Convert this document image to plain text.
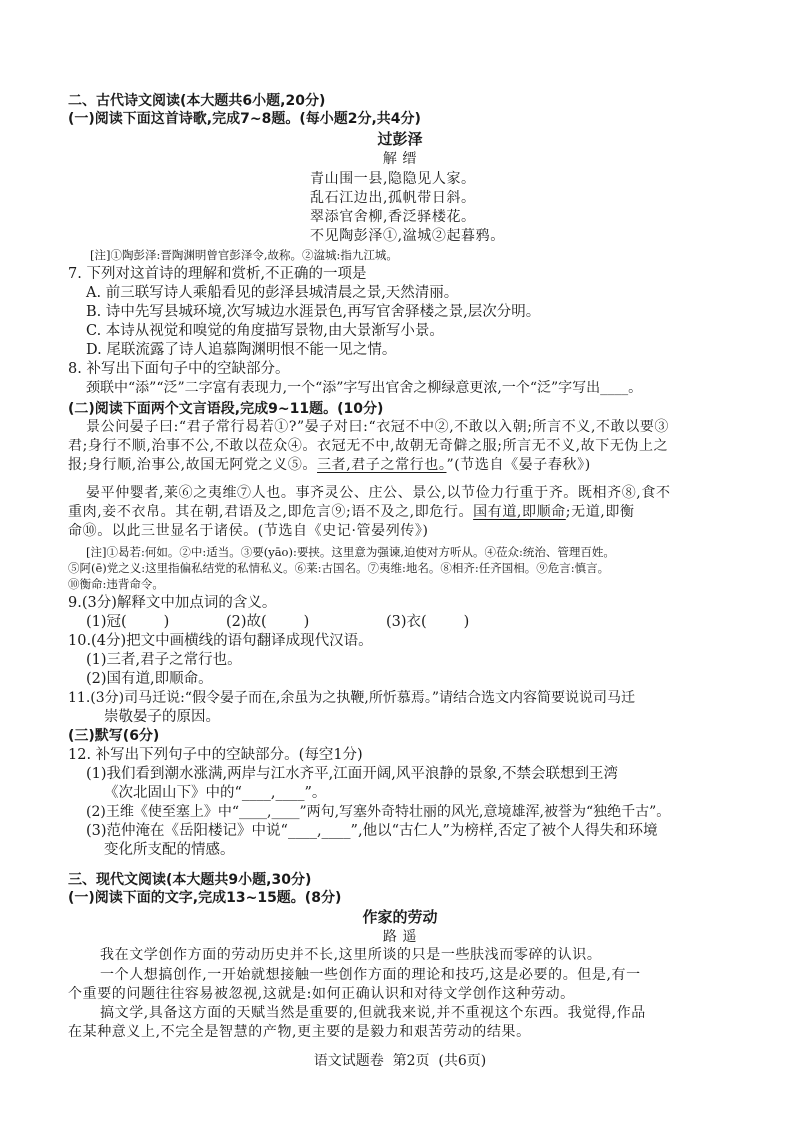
二、古代诗文阅读(本大题共6小题,20分)
(一)阅读下面这首诗歌,完成7~8题。(每小题2分,共4分)
过彭泽
解 缙
青山围一县,隐隐见人家。
乱石江边出,孤帆带日斜。
翠添官舍柳,香泛驿楼花。
不见陶彭泽①,湓城②起暮鸦。
[注]①陶彭泽:晋陶渊明曾官彭泽令,故称。②湓城:指九江城。
7. 下列对这首诗的理解和赏析,不正确的一项是
A. 前三联写诗人乘船看见的彭泽县城清晨之景,天然清丽。
B. 诗中先写县城环境,次写城边水涯景色,再写官舍驿楼之景,层次分明。
C. 本诗从视觉和嗅觉的角度描写景物,由大景渐写小景。
D. 尾联流露了诗人追慕陶渊明恨不能一见之情。
8. 补写出下面句子中的空缺部分。
颈联中“添”“泛”二字富有表现力,一个“添”字写出官舍之柳绿意更浓,一个“泛”字写出____。
(二)阅读下面两个文言语段,完成9~11题。(10分)
景公问晏子曰:“君子常行曷若①?”晏子对曰:“衣冠不中②,不敢以入朝;所言不义,不敢以要③
君;身行不顺,治事不公,不敢以莅众④。衣冠无不中,故朝无奇僻之服;所言无不义,故下无伪上之
报;身行顺,治事公,故国无阿党之义⑤。三者,君子之常行也。”(节选自《晏子春秋》)
晏平仲婴者,莱⑥之夷维⑦人也。事齐灵公、庄公、景公,以节俭力行重于齐。既相齐⑧,食不
重肉,妾不衣帛。其在朝,君语及之,即危言⑨;语不及之,即危行。国有道,即顺命;无道,即衡
命⑩。以此三世显名于诸侯。(节选自《史记·管晏列传》)
[注]①曷若:何如。②中:适当。③要(yāo):要挟。这里意为强谏,迫使对方听从。④莅众:统治、管理百姓。
⑤阿(ē)党之义:这里指偏私结党的私情私义。⑥莱:古国名。⑦夷维:地名。⑧相齐:任齐国相。⑨危言:慎言。
⑩衡命:违背命令。
9.(3分)解释文中加点词的含义。
(1)冠(        )	(2)故(        )	(3)衣(        )
10.(4分)把文中画横线的语句翻译成现代汉语。
(1)三者,君子之常行也。
(2)国有道,即顺命。
11.(3分)司马迁说:“假令晏子而在,余虽为之执鞭,所忻慕焉。”请结合选文内容简要说说司马迁
崇敬晏子的原因。
(三)默写(6分)
12. 补写出下列句子中的空缺部分。(每空1分)
(1)我们看到潮水涨满,两岸与江水齐平,江面开阔,风平浪静的景象,不禁会联想到王湾
《次北固山下》中的“____,____”。
(2)王维《使至塞上》中“____,____”两句,写塞外奇特壮丽的风光,意境雄浑,被誉为“独绝千古”。
(3)范仲淹在《岳阳楼记》中说“____,____”,他以“古仁人”为榜样,否定了被个人得失和环境
变化所支配的情感。
三、现代文阅读(本大题共9小题,30分)
(一)阅读下面的文字,完成13~15题。(8分)
作家的劳动
路 遥
我在文学创作方面的劳动历史并不长,这里所谈的只是一些肤浅而零碎的认识。
一个人想搞创作,一开始就想接触一些创作方面的理论和技巧,这是必要的。但是,有一
个重要的问题往往容易被忽视,这就是:如何正确认识和对待文学创作这种劳动。
搞文学,具备这方面的天赋当然是重要的,但就我来说,并不重视这个东西。我觉得,作品
在某种意义上,不完全是智慧的产物,更主要的是毅力和艰苦劳动的结果。
语文试题卷  第2页  (共6页)
